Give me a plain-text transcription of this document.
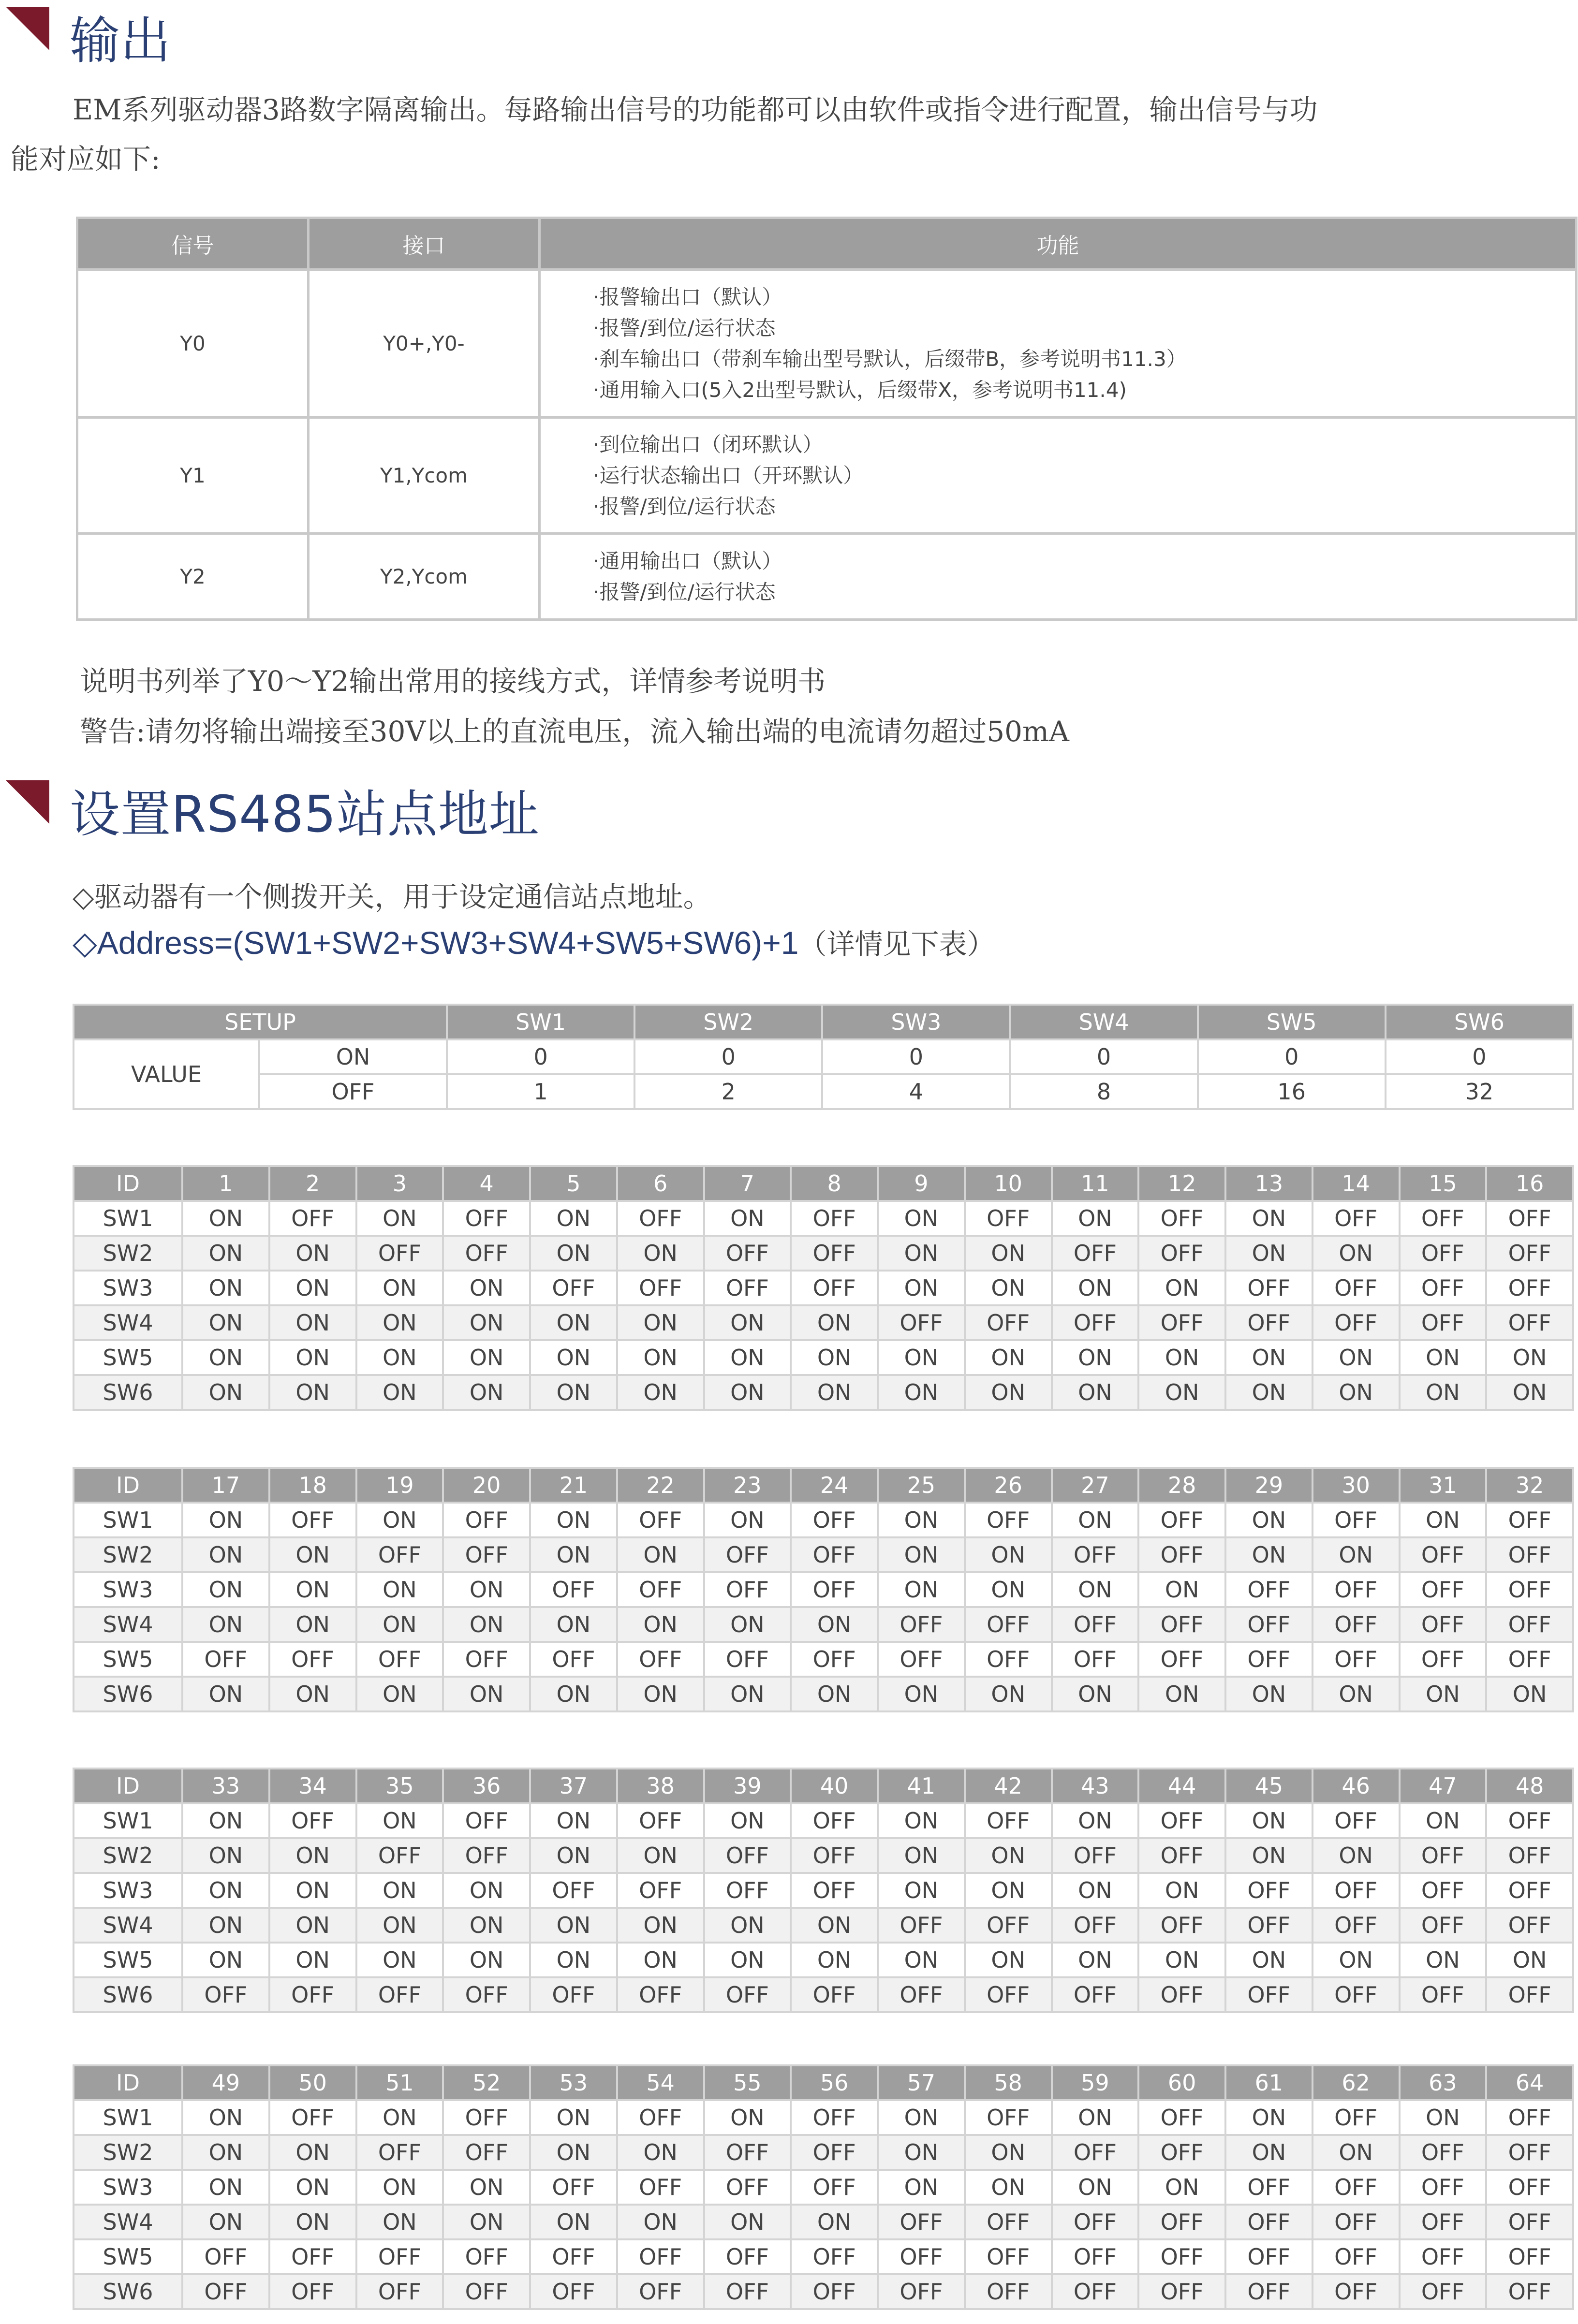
输出
EM系列驱动器3路数字隔离输出。每路输出信号的功能都可以由软件或指令进行配置，输出信号与功
能对应如下:
信号	接口	功能
Y0	Y0+,Y0-	·报警输出口（默认）
·报警/到位/运行状态
·刹车输出口（带刹车输出型号默认，后缀带B，参考说明书11.3）
·通用输入口(5入2出型号默认，后缀带X，参考说明书11.4)

Y1	Y1,Ycom	·到位输出口（闭环默认）
·运行状态输出口（开环默认）
·报警/到位/运行状态

Y2	Y2,Ycom	·通用输出口（默认）
·报警/到位/运行状态
说明书列举了Y0～Y2输出常用的接线方式，详情参考说明书
警告:请勿将输出端接至30V以上的直流电压，流入输出端的电流请勿超过50mA
设置RS485站点地址
◇驱动器有一个侧拨开关，用于设定通信站点地址。
◇Address=(SW1+SW2+SW3+SW4+SW5+SW6)+1（详情见下表）
SETUP		SW1	SW2	SW3	SW4	SW5	SW6
VALUE	ON	0	0	0	0	0	0
	OFF	1	2	4	8	16	32
ID	1	2	3	4	5	6	7	8	9	10	11	12	13	14	15	16
SW1	ON	OFF	ON	OFF	ON	OFF	ON	OFF	ON	OFF	ON	OFF	ON	OFF	OFF	OFF
SW2	ON	ON	OFF	OFF	ON	ON	OFF	OFF	ON	ON	OFF	OFF	ON	ON	OFF	OFF
SW3	ON	ON	ON	ON	OFF	OFF	OFF	OFF	ON	ON	ON	ON	OFF	OFF	OFF	OFF
SW4	ON	ON	ON	ON	ON	ON	ON	ON	OFF	OFF	OFF	OFF	OFF	OFF	OFF	OFF
SW5	ON	ON	ON	ON	ON	ON	ON	ON	ON	ON	ON	ON	ON	ON	ON	ON
SW6	ON	ON	ON	ON	ON	ON	ON	ON	ON	ON	ON	ON	ON	ON	ON	ON
ID	17	18	19	20	21	22	23	24	25	26	27	28	29	30	31	32
SW1	ON	OFF	ON	OFF	ON	OFF	ON	OFF	ON	OFF	ON	OFF	ON	OFF	ON	OFF
SW2	ON	ON	OFF	OFF	ON	ON	OFF	OFF	ON	ON	OFF	OFF	ON	ON	OFF	OFF
SW3	ON	ON	ON	ON	OFF	OFF	OFF	OFF	ON	ON	ON	ON	OFF	OFF	OFF	OFF
SW4	ON	ON	ON	ON	ON	ON	ON	ON	OFF	OFF	OFF	OFF	OFF	OFF	OFF	OFF
SW5	OFF	OFF	OFF	OFF	OFF	OFF	OFF	OFF	OFF	OFF	OFF	OFF	OFF	OFF	OFF	OFF
SW6	ON	ON	ON	ON	ON	ON	ON	ON	ON	ON	ON	ON	ON	ON	ON	ON
ID	33	34	35	36	37	38	39	40	41	42	43	44	45	46	47	48
SW1	ON	OFF	ON	OFF	ON	OFF	ON	OFF	ON	OFF	ON	OFF	ON	OFF	ON	OFF
SW2	ON	ON	OFF	OFF	ON	ON	OFF	OFF	ON	ON	OFF	OFF	ON	ON	OFF	OFF
SW3	ON	ON	ON	ON	OFF	OFF	OFF	OFF	ON	ON	ON	ON	OFF	OFF	OFF	OFF
SW4	ON	ON	ON	ON	ON	ON	ON	ON	OFF	OFF	OFF	OFF	OFF	OFF	OFF	OFF
SW5	ON	ON	ON	ON	ON	ON	ON	ON	ON	ON	ON	ON	ON	ON	ON	ON
SW6	OFF	OFF	OFF	OFF	OFF	OFF	OFF	OFF	OFF	OFF	OFF	OFF	OFF	OFF	OFF	OFF
ID	49	50	51	52	53	54	55	56	57	58	59	60	61	62	63	64
SW1	ON	OFF	ON	OFF	ON	OFF	ON	OFF	ON	OFF	ON	OFF	ON	OFF	ON	OFF
SW2	ON	ON	OFF	OFF	ON	ON	OFF	OFF	ON	ON	OFF	OFF	ON	ON	OFF	OFF
SW3	ON	ON	ON	ON	OFF	OFF	OFF	OFF	ON	ON	ON	ON	OFF	OFF	OFF	OFF
SW4	ON	ON	ON	ON	ON	ON	ON	ON	OFF	OFF	OFF	OFF	OFF	OFF	OFF	OFF
SW5	OFF	OFF	OFF	OFF	OFF	OFF	OFF	OFF	OFF	OFF	OFF	OFF	OFF	OFF	OFF	OFF
SW6	OFF	OFF	OFF	OFF	OFF	OFF	OFF	OFF	OFF	OFF	OFF	OFF	OFF	OFF	OFF	OFF
